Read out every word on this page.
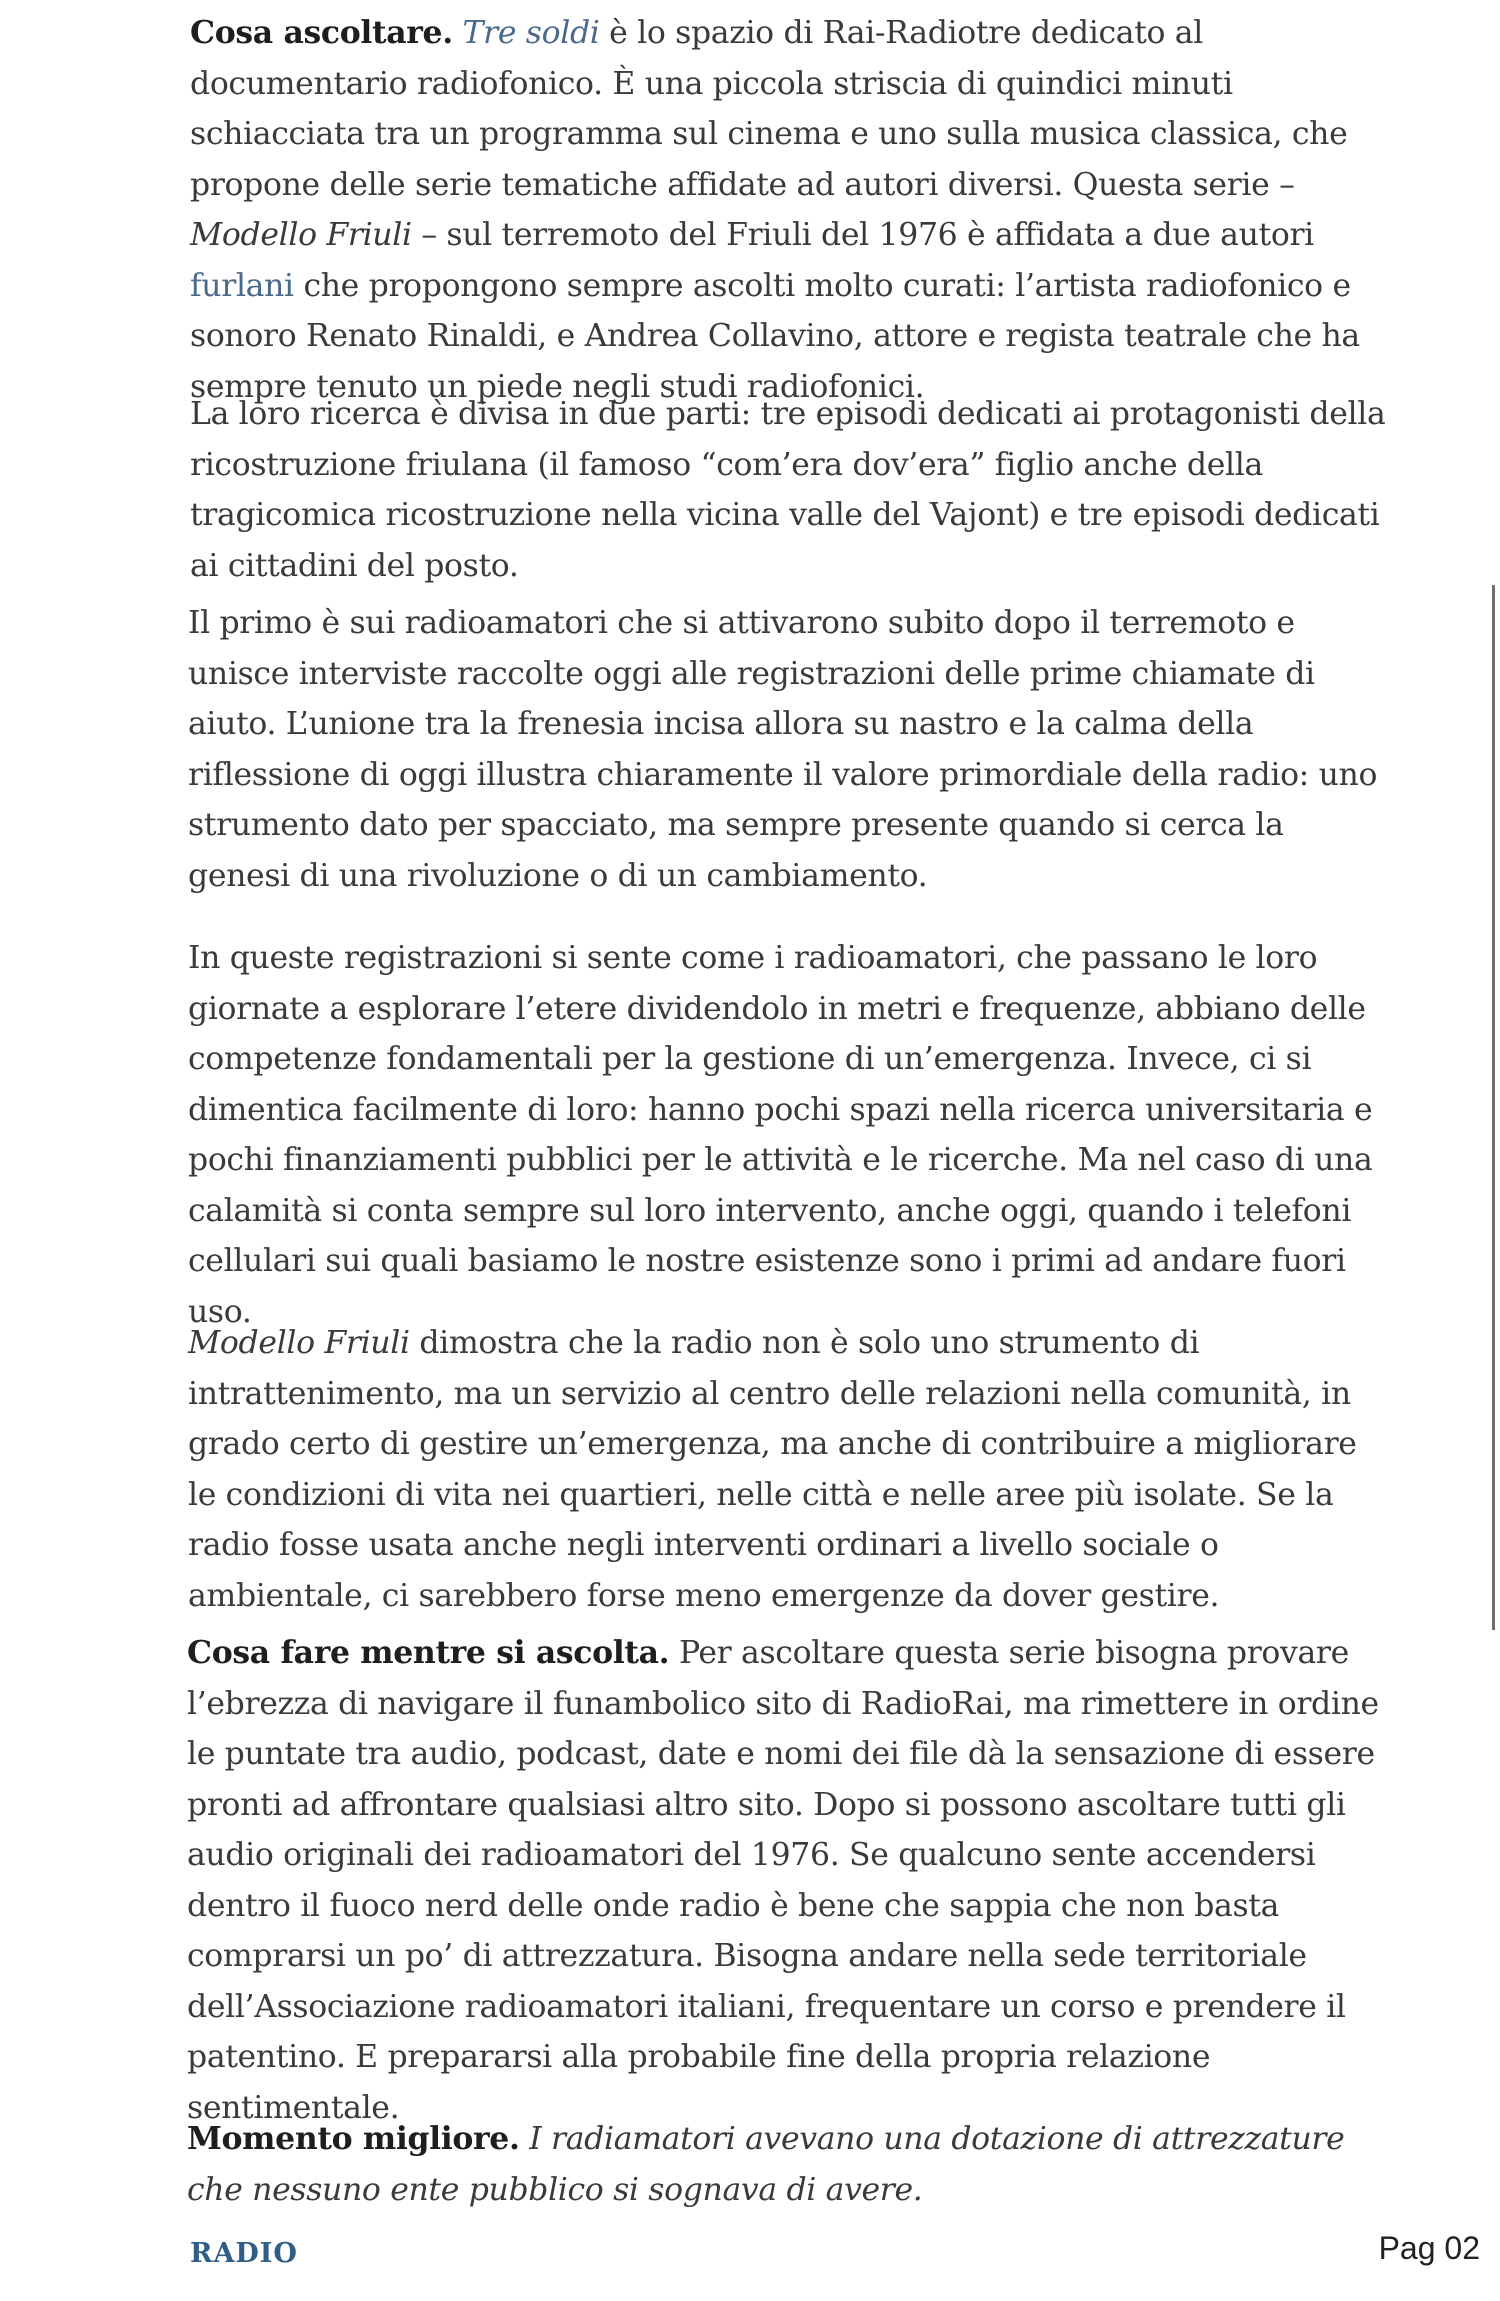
Cosa ascoltare. Tre soldi è lo spazio di Rai-Radiotre dedicato al documentario radiofonico. È una piccola striscia di quindici minuti schiacciata tra un programma sul cinema e uno sulla musica classica, che propone delle serie tematiche affidate ad autori diversi. Questa serie – Modello Friuli – sul terremoto del Friuli del 1976 è affidata a due autori furlani che propongono sempre ascolti molto curati: l’artista radiofonico e sonoro Renato Rinaldi, e Andrea Collavino, attore e regista teatrale che ha sempre tenuto un piede negli studi radiofonici.

La loro ricerca è divisa in due parti: tre episodi dedicati ai protagonisti della ricostruzione friulana (il famoso “com’era dov’era” figlio anche della tragicomica ricostruzione nella vicina valle del Vajont) e tre episodi dedicati ai cittadini del posto.

Il primo è sui radioamatori che si attivarono subito dopo il terremoto e unisce interviste raccolte oggi alle registrazioni delle prime chiamate di aiuto. L’unione tra la frenesia incisa allora su nastro e la calma della riflessione di oggi illustra chiaramente il valore primordiale della radio: uno strumento dato per spacciato, ma sempre presente quando si cerca la genesi di una rivoluzione o di un cambiamento.

In queste registrazioni si sente come i radioamatori, che passano le loro giornate a esplorare l’etere dividendolo in metri e frequenze, abbiano delle competenze fondamentali per la gestione di un’emergenza. Invece, ci si dimentica facilmente di loro: hanno pochi spazi nella ricerca universitaria e pochi finanziamenti pubblici per le attività e le ricerche. Ma nel caso di una calamità si conta sempre sul loro intervento, anche oggi, quando i telefoni cellulari sui quali basiamo le nostre esistenze sono i primi ad andare fuori uso.

Modello Friuli dimostra che la radio non è solo uno strumento di intrattenimento, ma un servizio al centro delle relazioni nella comunità, in grado certo di gestire un’emergenza, ma anche di contribuire a migliorare le condizioni di vita nei quartieri, nelle città e nelle aree più isolate. Se la radio fosse usata anche negli interventi ordinari a livello sociale o ambientale, ci sarebbero forse meno emergenze da dover gestire.

Cosa fare mentre si ascolta. Per ascoltare questa serie bisogna provare l’ebrezza di navigare il funambolico sito di RadioRai, ma rimettere in ordine le puntate tra audio, podcast, date e nomi dei file dà la sensazione di essere pronti ad affrontare qualsiasi altro sito. Dopo si possono ascoltare tutti gli audio originali dei radioamatori del 1976. Se qualcuno sente accendersi dentro il fuoco nerd delle onde radio è bene che sappia che non basta comprarsi un po’ di attrezzatura. Bisogna andare nella sede territoriale dell’Associazione radioamatori italiani, frequentare un corso e prendere il patentino. E prepararsi alla probabile fine della propria relazione sentimentale.

Momento migliore. I radiamatori avevano una dotazione di attrezzature che nessuno ente pubblico si sognava di avere.

RADIO	Pag 02
